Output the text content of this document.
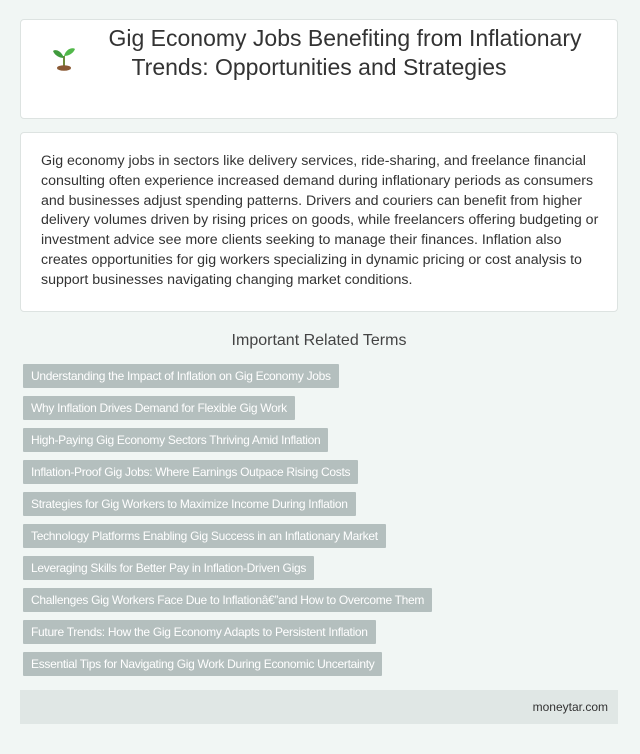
Gig Economy Jobs Benefiting from Inflationary Trends: Opportunities and Strategies

Gig economy jobs in sectors like delivery services, ride-sharing, and freelance financial consulting often experience increased demand during inflationary periods as consumers and businesses adjust spending patterns. Drivers and couriers can benefit from higher delivery volumes driven by rising prices on goods, while freelancers offering budgeting or investment advice see more clients seeking to manage their finances. Inflation also creates opportunities for gig workers specializing in dynamic pricing or cost analysis to support businesses navigating changing market conditions.

Important Related Terms
Understanding the Impact of Inflation on Gig Economy Jobs
Why Inflation Drives Demand for Flexible Gig Work
High-Paying Gig Economy Sectors Thriving Amid Inflation
Inflation-Proof Gig Jobs: Where Earnings Outpace Rising Costs
Strategies for Gig Workers to Maximize Income During Inflation
Technology Platforms Enabling Gig Success in an Inflationary Market
Leveraging Skills for Better Pay in Inflation-Driven Gigs
Challenges Gig Workers Face Due to Inflationâ€”and How to Overcome Them
Future Trends: How the Gig Economy Adapts to Persistent Inflation
Essential Tips for Navigating Gig Work During Economic Uncertainty
moneytar.com
